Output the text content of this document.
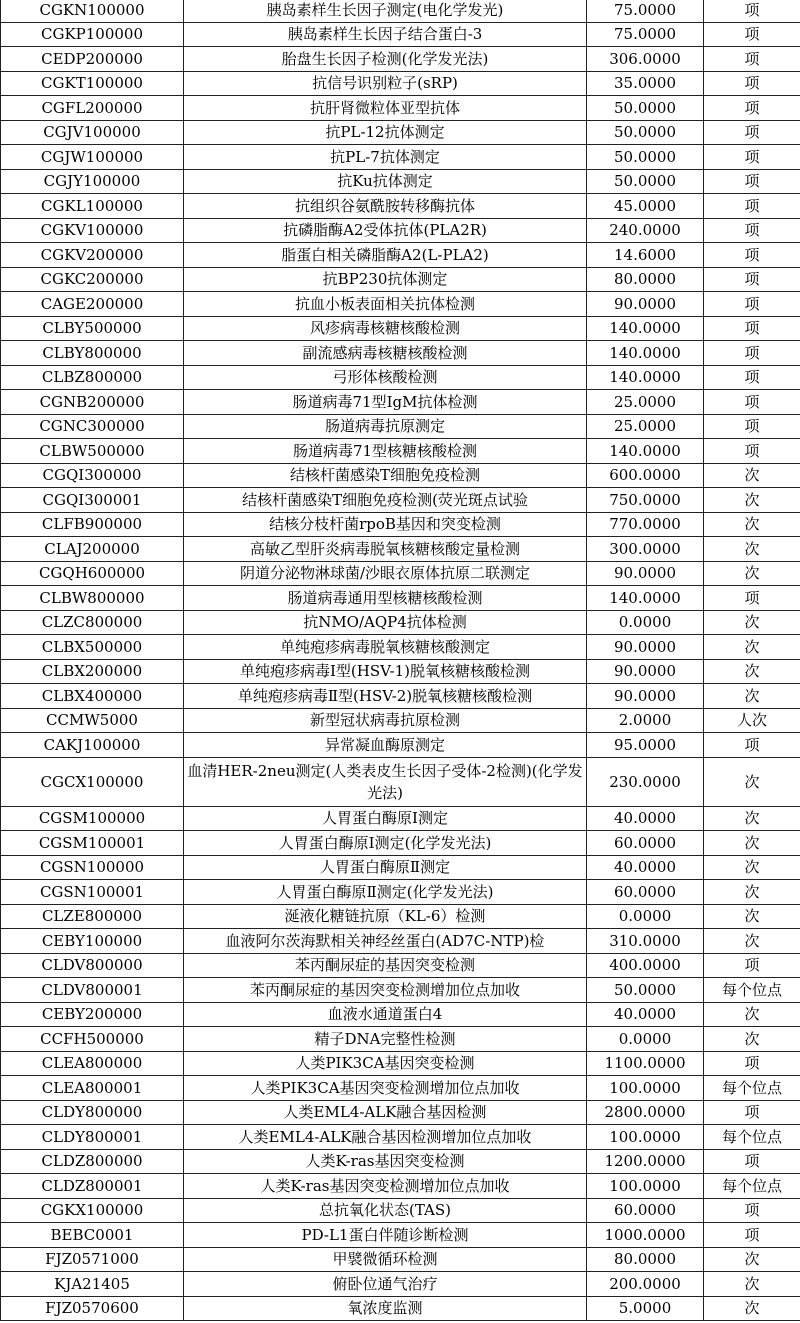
CGKN100000	胰岛素样生长因子测定(电化学发光)	75.0000	项
CGKP100000	胰岛素样生长因子结合蛋白-3	75.0000	项
CEDP200000	胎盘生长因子检测(化学发光法)	306.0000	项
CGKT100000	抗信号识别粒子(sRP)	35.0000	项
CGFL200000	抗肝肾微粒体亚型抗体	50.0000	项
CGJV100000	抗PL-12抗体测定	50.0000	项
CGJW100000	抗PL-7抗体测定	50.0000	项
CGJY100000	抗Ku抗体测定	50.0000	项
CGKL100000	抗组织谷氨酰胺转移酶抗体	45.0000	项
CGKV100000	抗磷脂酶A2受体抗体(PLA2R)	240.0000	项
CGKV200000	脂蛋白相关磷脂酶A2(L-PLA2)	14.6000	项
CGKC200000	抗BP230抗体测定	80.0000	项
CAGE200000	抗血小板表面相关抗体检测	90.0000	项
CLBY500000	风疹病毒核糖核酸检测	140.0000	项
CLBY800000	副流感病毒核糖核酸检测	140.0000	项
CLBZ800000	弓形体核酸检测	140.0000	项
CGNB200000	肠道病毒71型IgM抗体检测	25.0000	项
CGNC300000	肠道病毒抗原测定	25.0000	项
CLBW500000	肠道病毒71型核糖核酸检测	140.0000	项
CGQI300000	结核杆菌感染T细胞免疫检测	600.0000	次
CGQI300001	结核杆菌感染T细胞免疫检测(荧光斑点试验	750.0000	次
CLFB900000	结核分枝杆菌rpoB基因和突变检测	770.0000	次
CLAJ200000	高敏乙型肝炎病毒脱氧核糖核酸定量检测	300.0000	次
CGQH600000	阴道分泌物淋球菌/沙眼衣原体抗原二联测定	90.0000	次
CLBW800000	肠道病毒通用型核糖核酸检测	140.0000	项
CLZC800000	抗NMO/AQP4抗体检测	0.0000	次
CLBX500000	单纯疱疹病毒脱氧核糖核酸测定	90.0000	次
CLBX200000	单纯疱疹病毒Ⅰ型(HSV-1)脱氧核糖核酸检测	90.0000	次
CLBX400000	单纯疱疹病毒Ⅱ型(HSV-2)脱氧核糖核酸检测	90.0000	次
CCMW5000	新型冠状病毒抗原检测	2.0000	人次
CAKJ100000	异常凝血酶原测定	95.0000	项
CGCX100000	血清HER-2neu测定(人类表皮生长因子受体-2检测)(化学发光法)	230.0000	次
CGSM100000	人胃蛋白酶原Ⅰ测定	40.0000	次
CGSM100001	人胃蛋白酶原Ⅰ测定(化学发光法)	60.0000	次
CGSN100000	人胃蛋白酶原Ⅱ测定	40.0000	次
CGSN100001	人胃蛋白酶原Ⅱ测定(化学发光法)	60.0000	次
CLZE800000	涎液化糖链抗原（KL-6）检测	0.0000	次
CEBY100000	血液阿尔茨海默相关神经丝蛋白(AD7C-NTP)检	310.0000	次
CLDV800000	苯丙酮尿症的基因突变检测	400.0000	项
CLDV800001	苯丙酮尿症的基因突变检测增加位点加收	50.0000	每个位点
CEBY200000	血液水通道蛋白4	40.0000	次
CCFH500000	精子DNA完整性检测	0.0000	次
CLEA800000	人类PIK3CA基因突变检测	1100.0000	项
CLEA800001	人类PIK3CA基因突变检测增加位点加收	100.0000	每个位点
CLDY800000	人类EML4-ALK融合基因检测	2800.0000	项
CLDY800001	人类EML4-ALK融合基因检测增加位点加收	100.0000	每个位点
CLDZ800000	人类K-ras基因突变检测	1200.0000	项
CLDZ800001	人类K-ras基因突变检测增加位点加收	100.0000	每个位点
CGKX100000	总抗氧化状态(TAS)	60.0000	项
BEBC0001	PD-L1蛋白伴随诊断检测	1000.0000	项
FJZ0571000	甲襞微循环检测	80.0000	次
KJA21405	俯卧位通气治疗	200.0000	次
FJZ0570600	氧浓度监测	5.0000	次
